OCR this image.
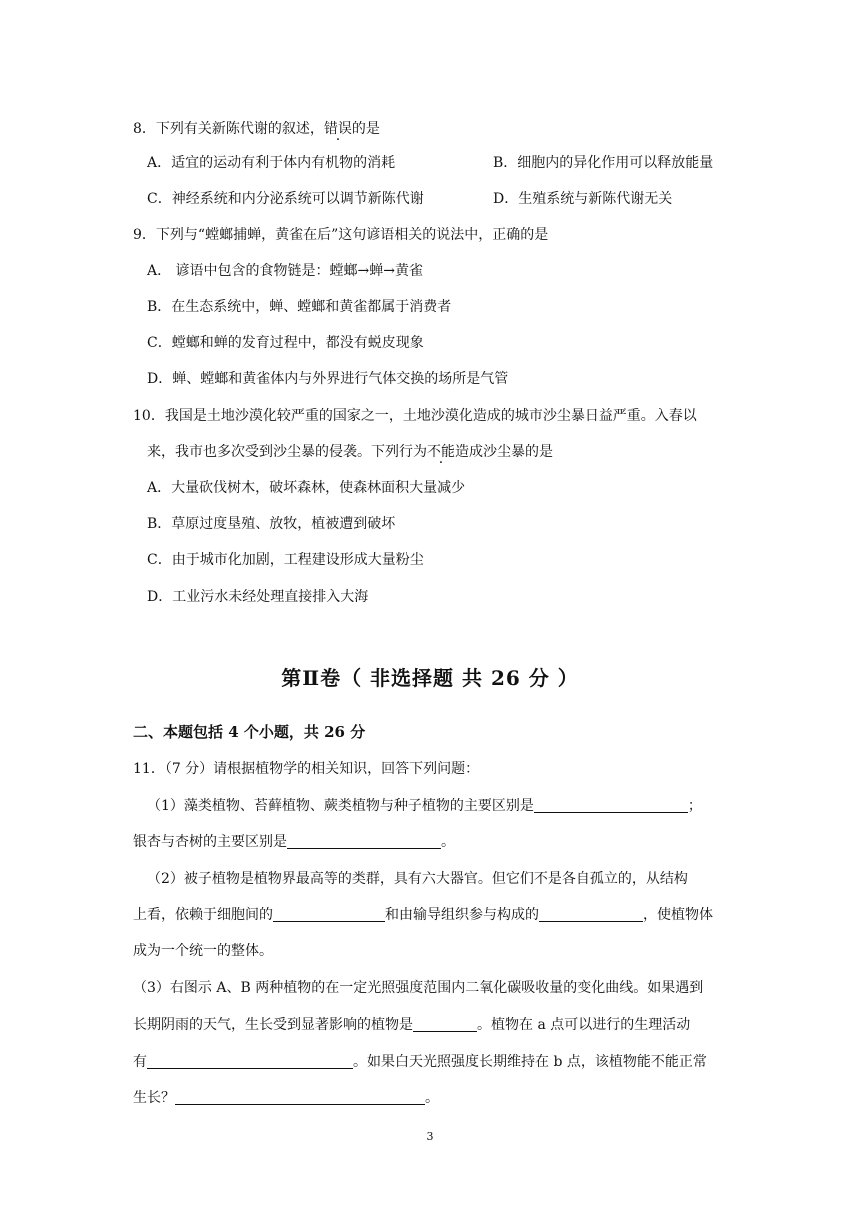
8．下列有关新陈代谢的叙述，错误的是
A．适宜的运动有利于体内有机物的消耗	B．细胞内的异化作用可以释放能量
C．神经系统和内分泌系统可以调节新陈代谢	D．生殖系统与新陈代谢无关
9．下列与“螳螂捕蝉，黄雀在后”这句谚语相关的说法中，正确的是
A． 谚语中包含的食物链是：螳螂→蝉→黄雀
B．在生态系统中，蝉、螳螂和黄雀都属于消费者
C．螳螂和蝉的发育过程中，都没有蜕皮现象
D．蝉、螳螂和黄雀体内与外界进行气体交换的场所是气管
10．我国是土地沙漠化较严重的国家之一，土地沙漠化造成的城市沙尘暴日益严重。入春以
来，我市也多次受到沙尘暴的侵袭。下列行为不能造成沙尘暴的是
A．大量砍伐树木，破坏森林，使森林面积大量减少
B．草原过度垦殖、放牧，植被遭到破坏
C．由于城市化加剧，工程建设形成大量粉尘
D．工业污水未经处理直接排入大海
第Ⅱ卷（ 非选择题 共 26 分 ）
二、本题包括 4 个小题，共 26 分
11．（7 分）请根据植物学的相关知识，回答下列问题：
（1）藻类植物、苔藓植物、蕨类植物与种子植物的主要区别是	；
银杏与杏树的主要区别是	。
（2）被子植物是植物界最高等的类群，具有六大器官。但它们不是各自孤立的，从结构
上看，依赖于细胞间的	和由输导组织参与构成的	，使植物体
成为一个统一的整体。
（3）右图示 A、B 两种植物的在一定光照强度范围内二氧化碳吸收量的变化曲线。如果遇到
长期阴雨的天气，生长受到显著影响的植物是	。植物在 a 点可以进行的生理活动
有	。如果白天光照强度长期维持在 b 点，该植物能不能正常
生长？	。
3
